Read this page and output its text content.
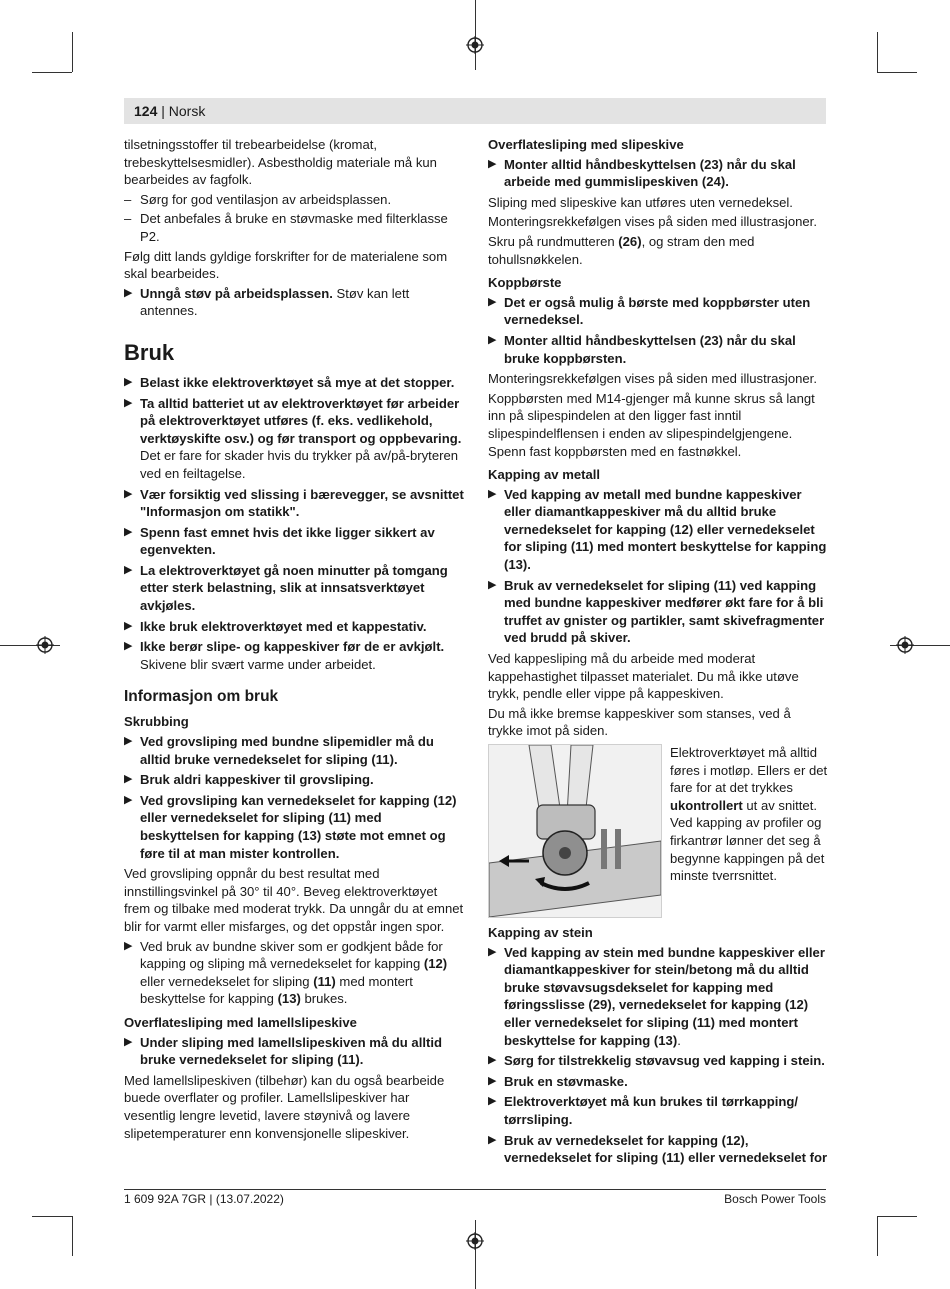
124 | Norsk

tilsetningsstoffer til trebearbeidelse (kromat, trebeskyttelsesmidler). Asbestholdig materiale må kun bearbeides av fagfolk.

– Sørg for god ventilasjon av arbeidsplassen.
– Det anbefales å bruke en støvmaske med filterklasse P2.

Følg ditt lands gyldige forskrifter for de materialene som skal bearbeides.

▶ Unngå støv på arbeidsplassen. Støv kan lett antennes.
Bruk
▶ Belast ikke elektroverktøyet så mye at det stopper.
▶ Ta alltid batteriet ut av elektroverktøyet før arbeider på elektroverktøyet utføres (f. eks. vedlikehold, verktøyskifte osv.) og før transport og oppbevaring.
Det er fare for skader hvis du trykker på av/på-bryteren ved en feiltagelse.
▶ Vær forsiktig ved slissing i bærevegger, se avsnittet "Informasjon om statikk".
▶ Spenn fast emnet hvis det ikke ligger sikkert av egenvekten.
▶ La elektroverktøyet gå noen minutter på tomgang etter sterk belastning, slik at innsatsverktøyet avkjøles.
▶ Ikke bruk elektroverktøyet med et kappestativ.
▶ Ikke berør slipe- og kappeskiver før de er avkjølt.
Skivene blir svært varme under arbeidet.
Informasjon om bruk
Skrubbing
▶ Ved grovsliping med bundne slipemidler må du alltid bruke vernedekselet for sliping (11).
▶ Bruk aldri kappeskiver til grovsliping.
▶ Ved grovsliping kan vernedekselet for kapping (12) eller vernedekselet for sliping (11) med beskyttelsen for kapping (13) støte mot emnet og føre til at man mister kontrollen.

Ved grovsliping oppnår du best resultat med innstillingsvinkel på 30° til 40°. Beveg elektroverktøyet frem og tilbake med moderat trykk. Da unngår du at emnet blir for varmt eller misfarges, og det oppstår ingen spor.

▶ Ved bruk av bundne skiver som er godkjent både for kapping og sliping må vernedekselet for kapping (12) eller vernedekselet for sliping (11) med montert beskyttelse for kapping (13) brukes.
Overflatesliping med lamellslipeskive
▶ Under sliping med lamellslipeskiven må du alltid bruke vernedekselet for sliping (11).

Med lamellslipeskiven (tilbehør) kan du også bearbeide buede overflater og profiler. Lamellslipeskiver har vesentlig lengre levetid, lavere støynivå og lavere slipetemperaturer enn konvensjonelle slipeskiver.

Overflatesliping med slipeskive
▶ Monter alltid håndbeskyttelsen (23) når du skal arbeide med gummislipeskiven (24).

Sliping med slipeskive kan utføres uten vernedeksel.

Monteringsrekkefølgen vises på siden med illustrasjoner.

Skru på rundmutteren (26), og stram den med tohullsnøkkelen.

Koppbørste
▶ Det er også mulig å børste med koppbørster uten vernedeksel.
▶ Monter alltid håndbeskyttelsen (23) når du skal bruke koppbørsten.

Monteringsrekkefølgen vises på siden med illustrasjoner.

Koppbørsten med M14-gjenger må kunne skrus så langt inn på slipespindelen at den ligger fast inntil slipespindelflensen i enden av slipespindelgjengene. Spenn fast koppbørsten med en fastnøkkel.

Kapping av metall
▶ Ved kapping av metall med bundne kappeskiver eller diamantkappeskiver må du alltid bruke vernedekselet for kapping (12) eller vernedekselet for sliping (11) med montert beskyttelse for kapping (13).
▶ Bruk av vernedekselet for sliping (11) ved kapping med bundne kappeskiver medfører økt fare for å bli truffet av gnister og partikler, samt skivefragmenter ved brudd på skiver.

Ved kappesliping må du arbeide med moderat kappehastighet tilpasset materialet. Du må ikke utøve trykk, pendle eller vippe på kappeskiven.

Du må ikke bremse kappeskiver som stanses, ved å trykke imot på siden.

Elektroverktøyet må alltid føres i motløp. Ellers er det fare for at det trykkes ukontrollert ut av snittet. Ved kapping av profiler og firkantrør lønner det seg å begynne kappingen på det minste tverrsnittet.
Kapping av stein
▶ Ved kapping av stein med bundne kappeskiver eller diamantkappeskiver for stein/betong må du alltid bruke støvavsugsdekselet for kapping med føringsslisse (29), vernedekselet for kapping (12) eller vernedekselet for sliping (11) med montert beskyttelse for kapping (13).
▶ Sørg for tilstrekkelig støvavsug ved kapping i stein.
▶ Bruk en støvmaske.
▶ Elektroverktøyet må kun brukes til tørrkapping/ tørrsliping.
▶ Bruk av vernedekselet for kapping (12), vernedekselet for sliping (11) eller vernedekselet for
1 609 92A 7GR | (13.07.2022)	Bosch Power Tools
